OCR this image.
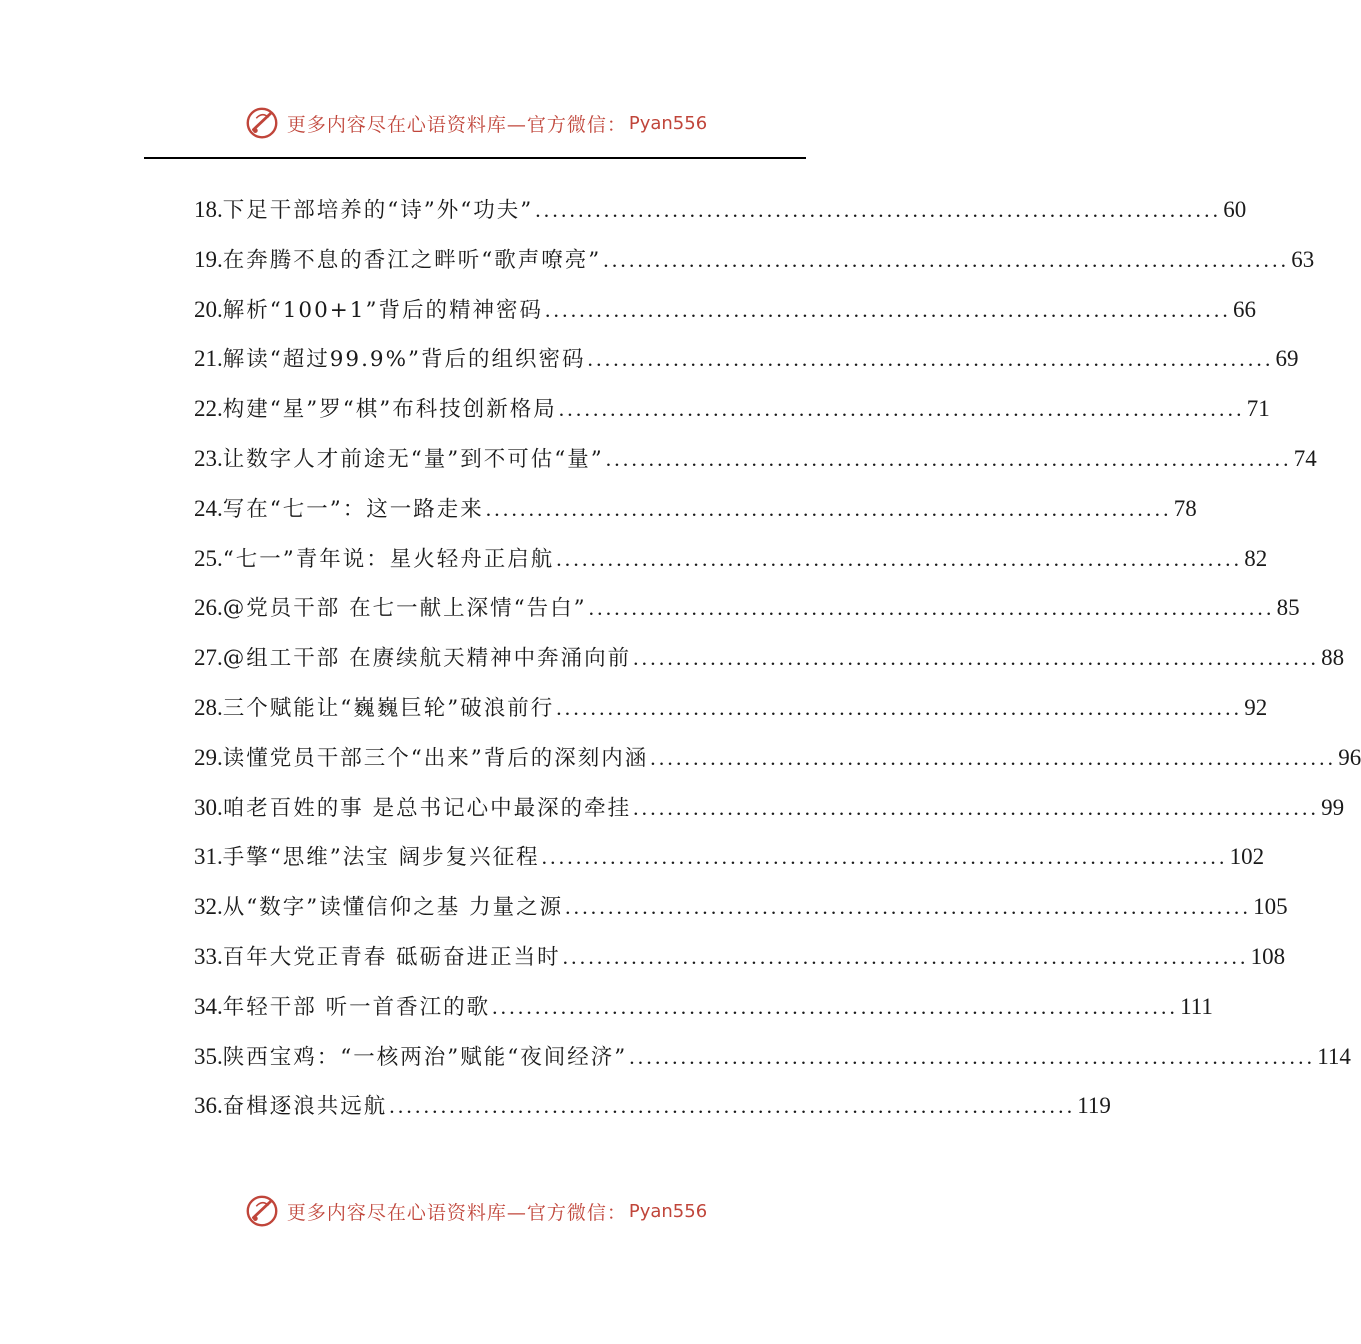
更多内容尽在心语资料库—官方微信： Pyan556
18. 下足干部培养的“诗”外“功夫” ................................................................................ 60
19. 在奔腾不息的香江之畔听“歌声嘹亮” ................................................................................ 63
20. 解析“100+1”背后的精神密码 ................................................................................ 66
21. 解读“超过99.9%”背后的组织密码 ................................................................................ 69
22. 构建“星”罗“棋”布科技创新格局 ................................................................................ 71
23. 让数字人才前途无“量”到不可估“量” ................................................................................ 74
24. 写在“七一”：这一路走来 ................................................................................ 78
25. “七一”青年说：星火轻舟正启航 ................................................................................ 82
26. @党员干部 在七一献上深情“告白” ................................................................................ 85
27. @组工干部 在赓续航天精神中奔涌向前 ................................................................................ 88
28. 三个赋能让“巍巍巨轮”破浪前行 ................................................................................ 92
29. 读懂党员干部三个“出来”背后的深刻内涵 ................................................................................ 96
30. 咱老百姓的事 是总书记心中最深的牵挂 ................................................................................ 99
31. 手擎“思维”法宝 阔步复兴征程 ................................................................................ 102
32. 从“数字”读懂信仰之基 力量之源 ................................................................................ 105
33. 百年大党正青春 砥砺奋进正当时 ................................................................................ 108
34. 年轻干部 听一首香江的歌 ................................................................................ 111
35. 陕西宝鸡：“一核两治”赋能“夜间经济” ................................................................................ 114
36. 奋楫逐浪共远航 ................................................................................ 119
更多内容尽在心语资料库—官方微信： Pyan556
